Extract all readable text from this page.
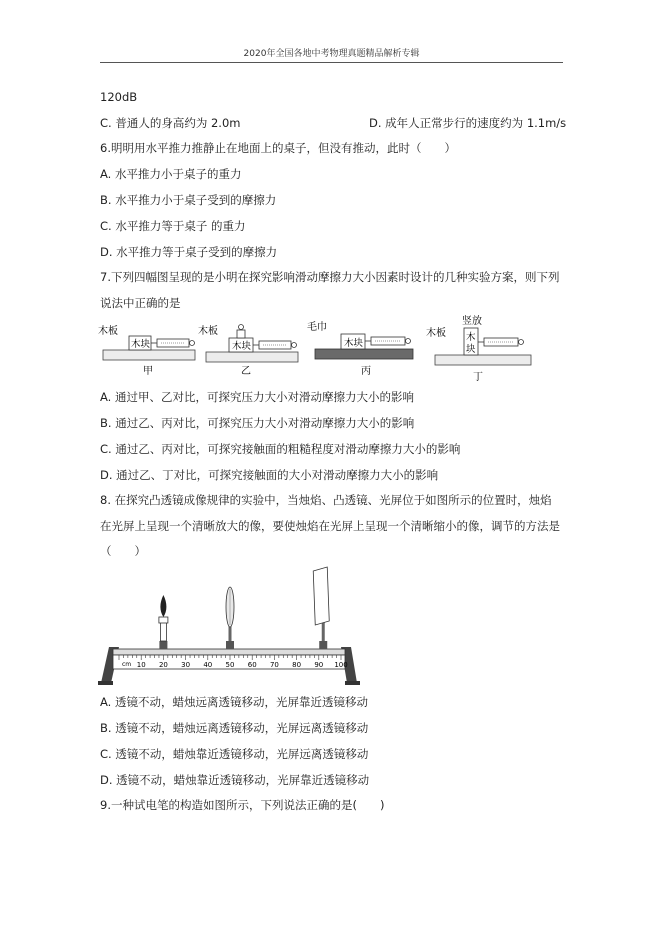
2020年全国各地中考物理真题精品解析专辑
120dB
C. 普通人的身高约为 2.0m	D. 成年人正常步行的速度约为 1.1m/s
6.明明用水平推力推静止在地面上的桌子，但没有推动，此时（　　）
A. 水平推力小于桌子的重力
B. 水平推力小于桌子受到的摩擦力
C. 水平推力等于桌子 的重力
D. 水平推力等于桌子受到的摩擦力
7.下列四幅图呈现的是小明在探究影响滑动摩擦力大小因素时设计的几种实验方案，则下列
说法中正确的是
木板
木块
甲
木板
木块
乙
毛巾
木块
丙
木板
竖放
木
块
丁
A. 通过甲、乙对比，可探究压力大小对滑动摩擦力大小的影响
B. 通过乙、丙对比，可探究压力大小对滑动摩擦力大小的影响
C. 通过乙、丙对比，可探究接触面的粗糙程度对滑动摩擦力大小的影响
D. 通过乙、丁对比，可探究接触面的大小对滑动摩擦力大小的影响
8. 在探究凸透镜成像规律的实验中，当烛焰、凸透镜、光屏位于如图所示的位置时，烛焰
在光屏上呈现一个清晰放大的像，要使烛焰在光屏上呈现一个清晰缩小的像，调节的方法是
（　　）
cm 10 20 30 40 50 60 70 80 90 100
A. 透镜不动，蜡烛远离透镜移动，光屏靠近透镜移动
B. 透镜不动，蜡烛远离透镜移动，光屏远离透镜移动
C. 透镜不动，蜡烛靠近透镜移动，光屏远离透镜移动
D. 透镜不动，蜡烛靠近透镜移动，光屏靠近透镜移动
9.一种试电笔的构造如图所示，下列说法正确的是(　　)
